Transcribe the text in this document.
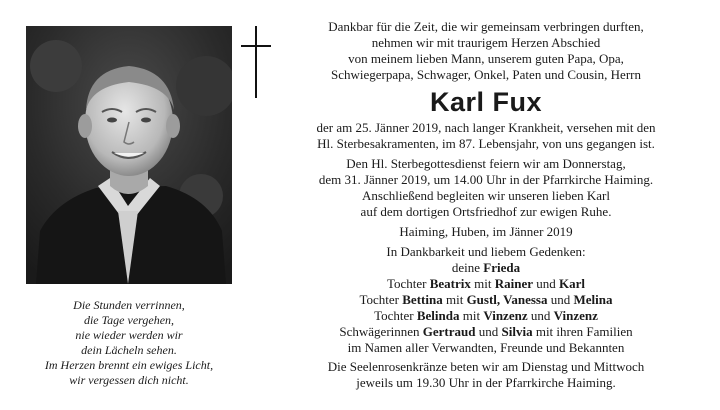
Die Stunden verrinnen,
die Tage vergehen,
nie wieder werden wir
dein Lächeln sehen.
Im Herzen brennt ein ewiges Licht,
wir vergessen dich nicht.
Dankbar für die Zeit, die wir gemeinsam verbringen durften,
nehmen wir mit traurigem Herzen Abschied
von meinem lieben Mann, unserem guten Papa, Opa,
Schwiegerpapa, Schwager, Onkel, Paten und Cousin, Herrn
Karl Fux
der am 25. Jänner 2019, nach langer Krankheit, versehen mit den
Hl. Sterbesakramenten, im 87. Lebensjahr, von uns gegangen ist.
Den Hl. Sterbegottesdienst feiern wir am Donnerstag,
dem 31. Jänner 2019, um 14.00 Uhr in der Pfarrkirche Haiming.
Anschließend begleiten wir unseren lieben Karl
auf dem dortigen Ortsfriedhof zur ewigen Ruhe.
Haiming, Huben, im Jänner 2019
In Dankbarkeit und liebem Gedenken:
deine Frieda
Tochter Beatrix mit Rainer und Karl
Tochter Bettina mit Gustl, Vanessa und Melina
Tochter Belinda mit Vinzenz und Vinzenz
Schwägerinnen Gertraud und Silvia mit ihren Familien
im Namen aller Verwandten, Freunde und Bekannten
Die Seelenrosenkränze beten wir am Dienstag und Mittwoch
jeweils um 19.30 Uhr in der Pfarrkirche Haiming.
